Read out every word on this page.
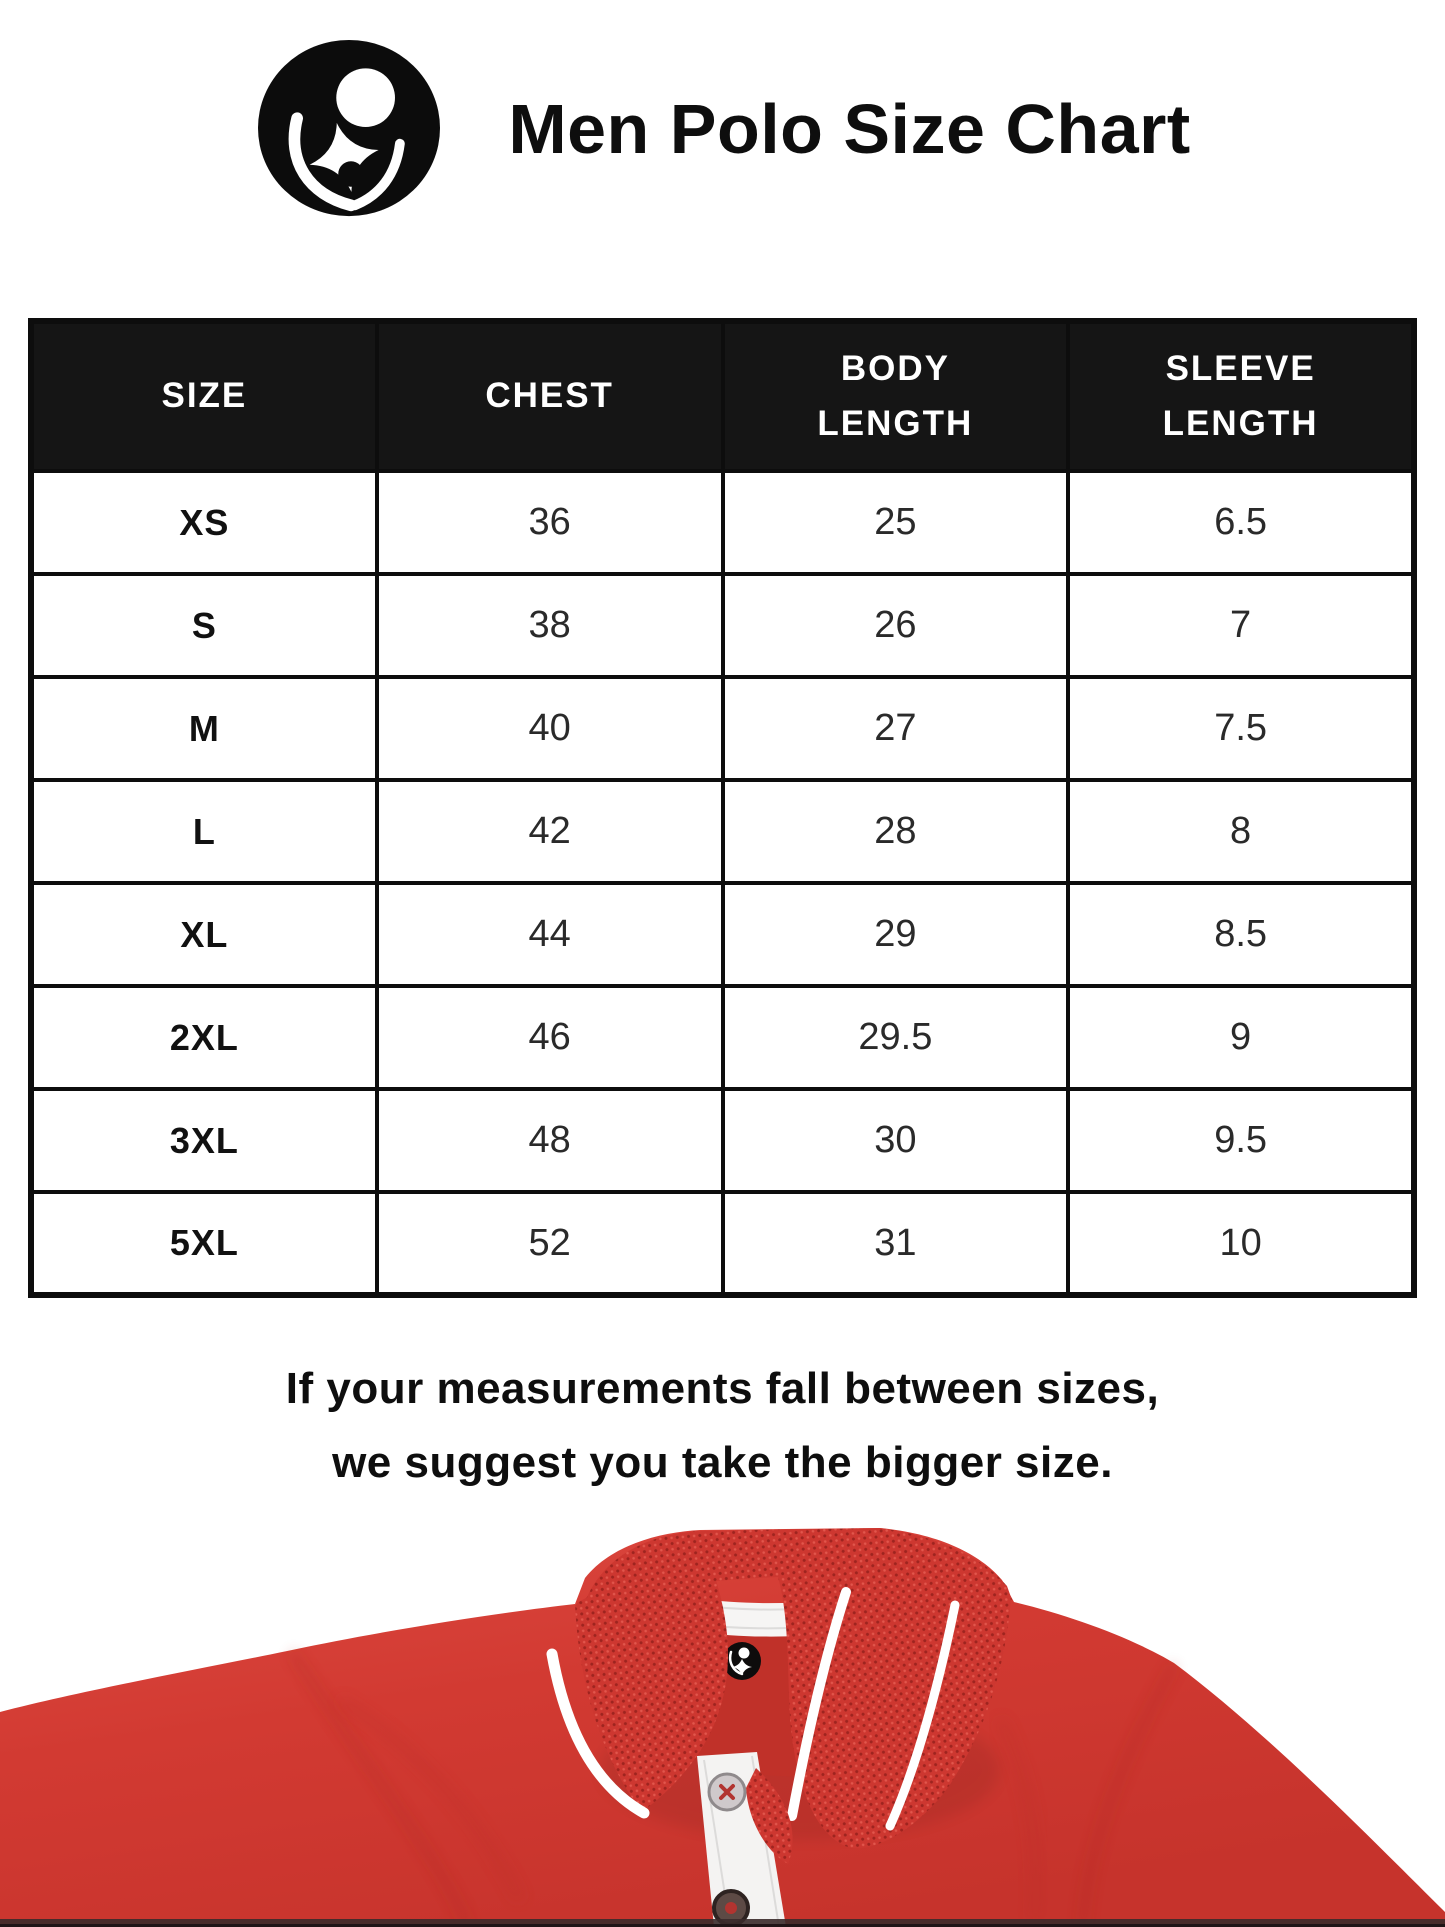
Men Polo Size Chart
SIZE	CHEST	BODY LENGTH	SLEEVE LENGTH
XS	36	25	6.5
S	38	26	7
M	40	27	7.5
L	42	28	8
XL	44	29	8.5
2XL	46	29.5	9
3XL	48	30	9.5
5XL	52	31	10
If your measurements fall between sizes,
we suggest you take the bigger size.
